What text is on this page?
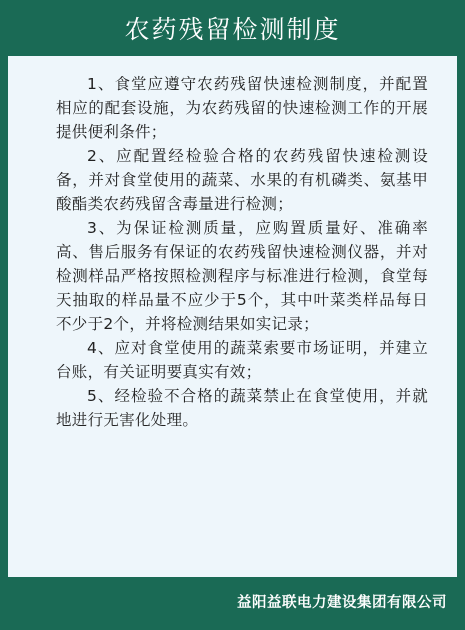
农药残留检测制度

1、食堂应遵守农药残留快速检测制度，并配置相应的配套设施，为农药残留的快速检测工作的开展提供便利条件；

2、应配置经检验合格的农药残留快速检测设备，并对食堂使用的蔬菜、水果的有机磷类、氨基甲酸酯类农药残留含毒量进行检测；

3、为保证检测质量，应购置质量好、准确率高、售后服务有保证的农药残留快速检测仪器，并对检测样品严格按照检测程序与标准进行检测，食堂每天抽取的样品量不应少于5个，其中叶菜类样品每日不少于2个，并将检测结果如实记录；

4、应对食堂使用的蔬菜索要市场证明，并建立台账，有关证明要真实有效；

5、经检验不合格的蔬菜禁止在食堂使用，并就地进行无害化处理。

益阳益联电力建设集团有限公司
